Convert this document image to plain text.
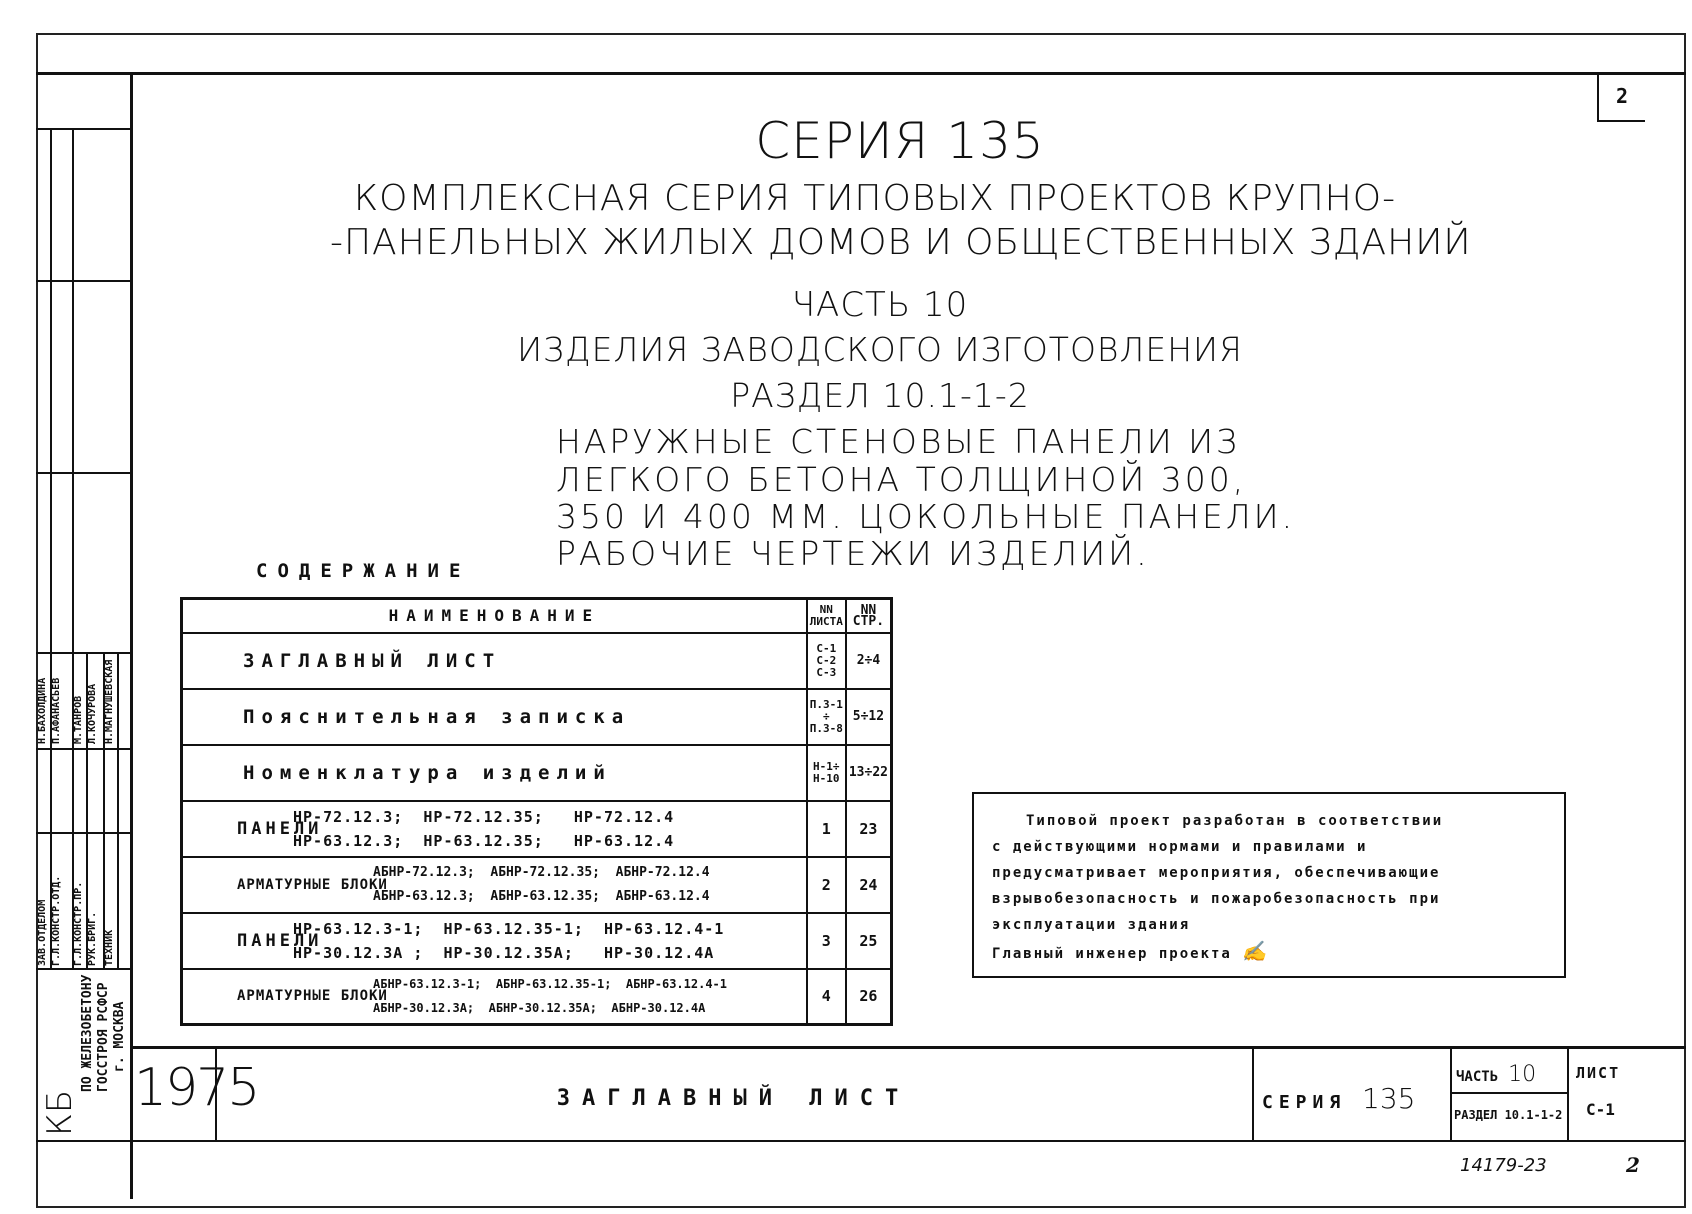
2
СЕРИЯ 135
КОМПЛЕКСНАЯ СЕРИЯ ТИПОВЫХ ПРОЕКТОВ КРУПНО-
-ПАНЕЛЬНЫХ ЖИЛЫХ ДОМОВ И ОБЩЕСТВЕННЫХ ЗДАНИЙ
ЧАСТЬ 10
ИЗДЕЛИЯ ЗАВОДСКОГО ИЗГОТОВЛЕНИЯ
РАЗДЕЛ 10.1-1-2
НАРУЖНЫЕ СТЕНОВЫЕ ПАНЕЛИ ИЗ
ЛЕГКОГО БЕТОНА ТОЛЩИНОЙ 300,
350 И 400 ММ. ЦОКОЛЬНЫЕ ПАНЕЛИ.
РАБОЧИЕ ЧЕРТЕЖИ ИЗДЕЛИЙ.
СОДЕРЖАНИЕ
НАИМЕНОВАНИЕ	NN ЛИСТА	NN СТР.
ЗАГЛАВНЫЙ ЛИСТ	С-1 С-2 С-3	2÷4
Пояснительная записка	П.3-1 ÷ П.3-8	5÷12
Номенклатура изделий	Н-1÷ Н-10	13÷22

ПАНЕЛИ
НР-72.12.3;  НР-72.12.35;   НР-72.12.4
НР-63.12.3;  НР-63.12.35;   НР-63.12.4	1	23

АРМАТУРНЫЕ БЛОКИ
АБНР-72.12.3;  АБНР-72.12.35;  АБНР-72.12.4
АБНР-63.12.3;  АБНР-63.12.35;  АБНР-63.12.4	2	24

ПАНЕЛИ
НР-63.12.3-1;  НР-63.12.35-1;  НР-63.12.4-1
НР-30.12.3А ;  НР-30.12.35А;   НР-30.12.4А	3	25

АРМАТУРНЫЕ БЛОКИ
АБНР-63.12.3-1;  АБНР-63.12.35-1;  АБНР-63.12.4-1
АБНР-30.12.3А;  АБНР-30.12.35А;  АБНР-30.12.4А	4	26
Типовой проект разработан в соответствии
с действующими нормами и правилами и
предусматривает мероприятия, обеспечивающие
взрывобезопасность и пожаробезопасность при
эксплуатации здания
Главный инженер проекта ✍
1975	ЗАГЛАВНЫЙ ЛИСТ	СЕРИЯ 135
ЧАСТЬ 10
РАЗДЕЛ 10.1-1-2
ЛИСТ
С-1
14179-23	2
ЗАВ.ОТДЕЛОМ Г.Л.КОНСТР.ОТД. Г.Л.КОНСТР.ПР. РУК.БРИГ. ТЕХНИК
Н.БАХОЛДИНА П.АФАНАСЬЕВ М.ТАНРОВ Л.КОЧУРОВА Н.МАГНУШЕВСКАЯ
КБ
ПО ЖЕЛЕЗОБЕТОНУ ГОССТРОЯ РСФСР г. МОСКВА
